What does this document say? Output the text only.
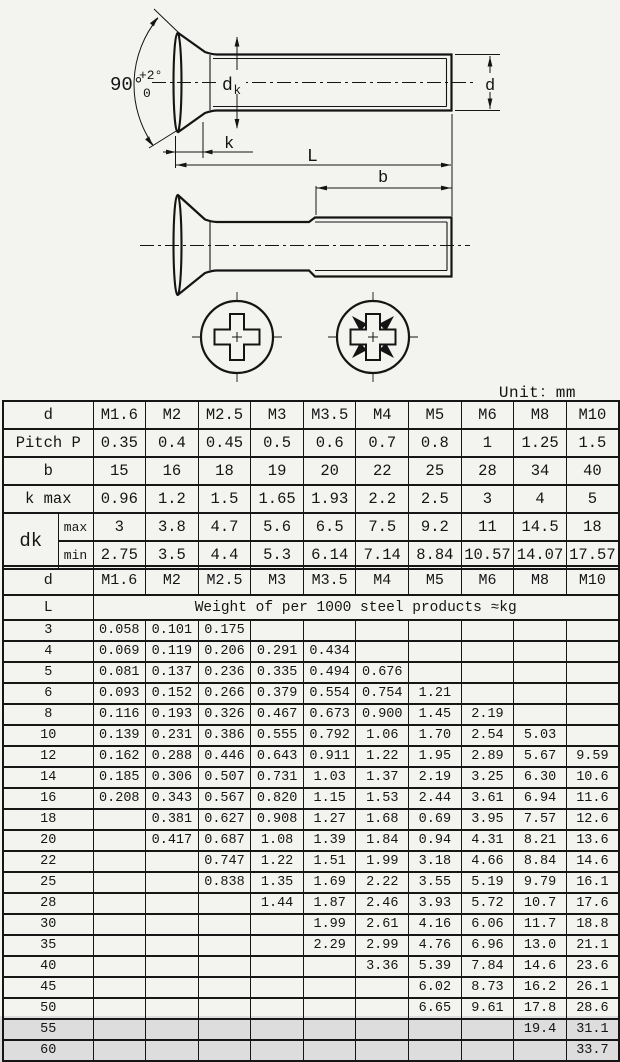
90°
+2°
0	d k
k
L
d
b
Unit：mm
d		M1.6	M2	M2.5	M3	M3.5	M4	M5	M6	M8	M10
Pitch P		0.35	0.4	0.45	0.5	0.6	0.7	0.8	1	1.25	1.5
b		15	16	18	19	20	22	25	28	34	40
k max		0.96	1.2	1.5	1.65	1.93	2.2	2.5	3	4	5
dk	max	3	3.8	4.7	5.6	6.5	7.5	9.2	11	14.5	18
	min	2.75	3.5	4.4	5.3	6.14	7.14	8.84	10.57	14.07	17.57
d	M1.6	M2	M2.5	M3	M3.5	M4	M5	M6	M8	M10
L	Weight of per 1000 steel products ≈kg									
3	0.058	0.101	0.175							
4	0.069	0.119	0.206	0.291	0.434					
5	0.081	0.137	0.236	0.335	0.494	0.676				
6	0.093	0.152	0.266	0.379	0.554	0.754	1.21			
8	0.116	0.193	0.326	0.467	0.673	0.900	1.45	2.19		
10	0.139	0.231	0.386	0.555	0.792	1.06	1.70	2.54	5.03	
12	0.162	0.288	0.446	0.643	0.911	1.22	1.95	2.89	5.67	9.59
14	0.185	0.306	0.507	0.731	1.03	1.37	2.19	3.25	6.30	10.6
16	0.208	0.343	0.567	0.820	1.15	1.53	2.44	3.61	6.94	11.6
18		0.381	0.627	0.908	1.27	1.68	0.69	3.95	7.57	12.6
20		0.417	0.687	1.08	1.39	1.84	0.94	4.31	8.21	13.6
22			0.747	1.22	1.51	1.99	3.18	4.66	8.84	14.6
25			0.838	1.35	1.69	2.22	3.55	5.19	9.79	16.1
28				1.44	1.87	2.46	3.93	5.72	10.7	17.6
30					1.99	2.61	4.16	6.06	11.7	18.8
35					2.29	2.99	4.76	6.96	13.0	21.1
40						3.36	5.39	7.84	14.6	23.6
45							6.02	8.73	16.2	26.1
50							6.65	9.61	17.8	28.6
55									19.4	31.1
60										33.7
